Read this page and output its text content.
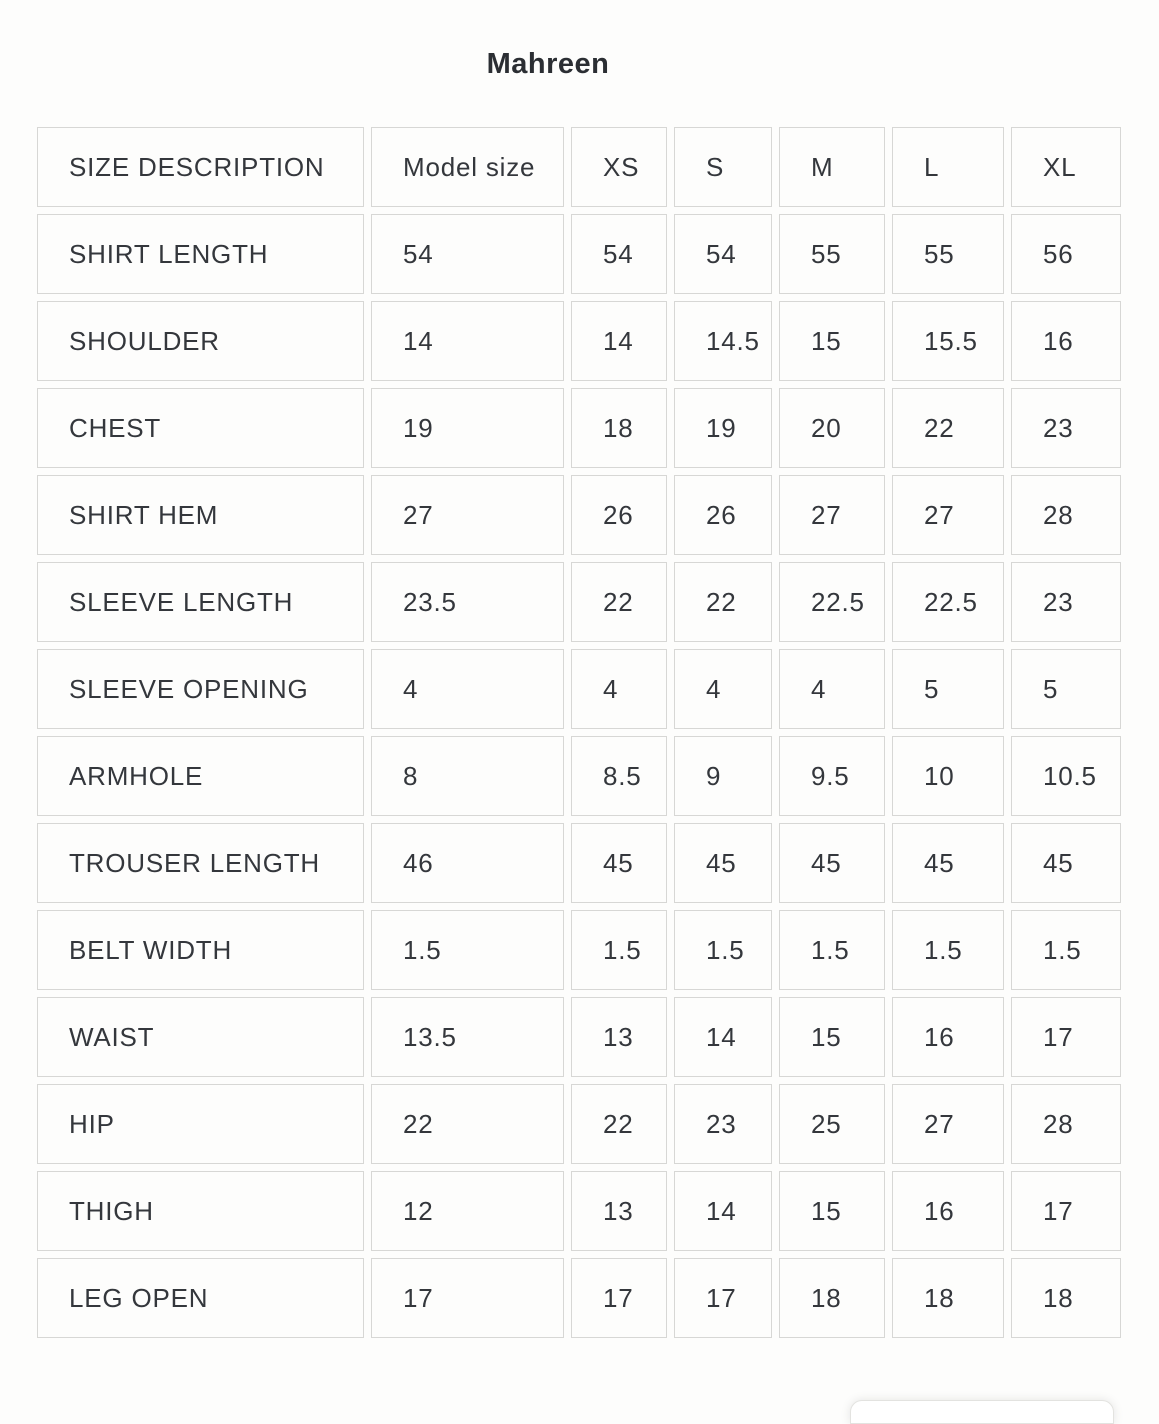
Mahreen
SIZE DESCRIPTION	Model size	XS	S	M	L	XL
SHIRT LENGTH	54	54	54	55	55	56
SHOULDER	14	14	14.5	15	15.5	16
CHEST	19	18	19	20	22	23
SHIRT HEM	27	26	26	27	27	28
SLEEVE LENGTH	23.5	22	22	22.5	22.5	23
SLEEVE OPENING	4	4	4	4	5	5
ARMHOLE	8	8.5	9	9.5	10	10.5
TROUSER LENGTH	46	45	45	45	45	45
BELT WIDTH	1.5	1.5	1.5	1.5	1.5	1.5
WAIST	13.5	13	14	15	16	17
HIP	22	22	23	25	27	28
THIGH	12	13	14	15	16	17
LEG OPEN	17	17	17	18	18	18
